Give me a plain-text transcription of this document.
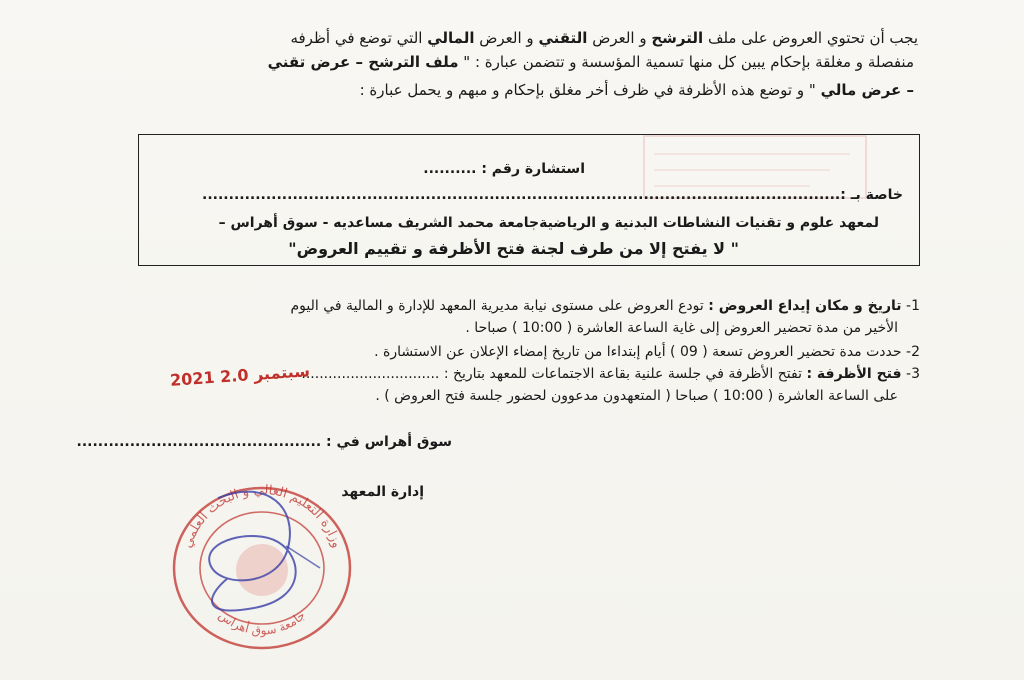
يجب أن تحتوي العروض على ملف الترشح و العرض التقني و العرض المالي التي توضع في أظرفه
منفصلة و مغلقة بإحكام يبين كل منها تسمية المؤسسة و تتضمن عبارة : " ملف الترشح – عرض تقني
– عرض مالي " و توضع هذه الأظرفة في ظرف أخر مغلق بإحكام و مبهم و يحمل عبارة :
استشارة رقم : ..........
خاصة بـ :........................................................................................................................
لمعهد علوم و تقنيات النشاطات البدنية و الرياضيةجامعة محمد الشريف مساعديه - سوق أهراس –
" لا يفتح إلا من طرف لجنة فتح الأظرفة و تقييم العروض"
1- تاريخ و مكان إيداع العروض : تودع العروض على مستوى نيابة مديرية المعهد للإدارة و المالية في اليوم
الأخير من مدة تحضير العروض إلى غاية الساعة العاشرة ( 10:00 ) صباحا .
2- حددت مدة تحضير العروض تسعة ( 09 ) أيام إبتداءا من تاريخ إمضاء الإعلان عن الاستشارة .
3- فتح الأظرفة : تفتح الأظرفة في جلسة علنية بقاعة الاجتماعات للمعهد بتاريخ : ...............................
على الساعة العاشرة ( 10:00 ) صباحا ( المتعهدون مدعوون لحضور جلسة فتح العروض ) .
2021 سبتمبر 2.0
سوق أهراس في : ..............................................
إدارة المعهد
وزارة التعليم العالي و البحث العلمي
جامعة سوق أهراس
